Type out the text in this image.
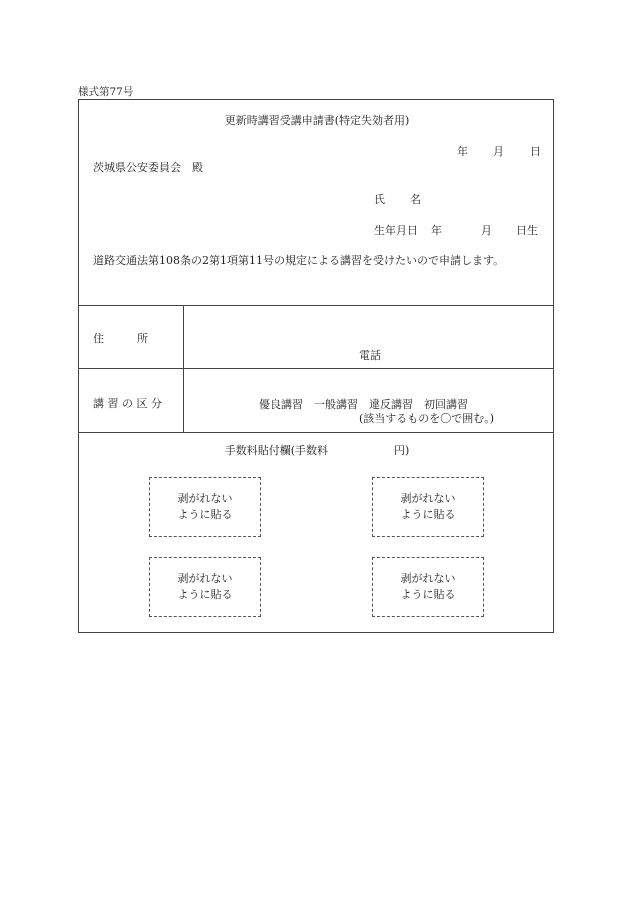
様式第77号
更新時講習受講申請書(特定失効者用)
年 月 日
茨城県公安委員会　殿
氏 名
生年月日 年	月 日生
道路交通法第108条の2第1項第11号の規定による講習を受けたいので申請します。
住　　　所
電話
講 習 の 区 分	優良講習　一般講習　違反講習　初回講習
(該当するものを〇で囲む。)
手数料貼付欄(手数料　　　　　　円)
剥がれない
ように貼る
剥がれない
ように貼る
剥がれない
ように貼る
剥がれない
ように貼る
